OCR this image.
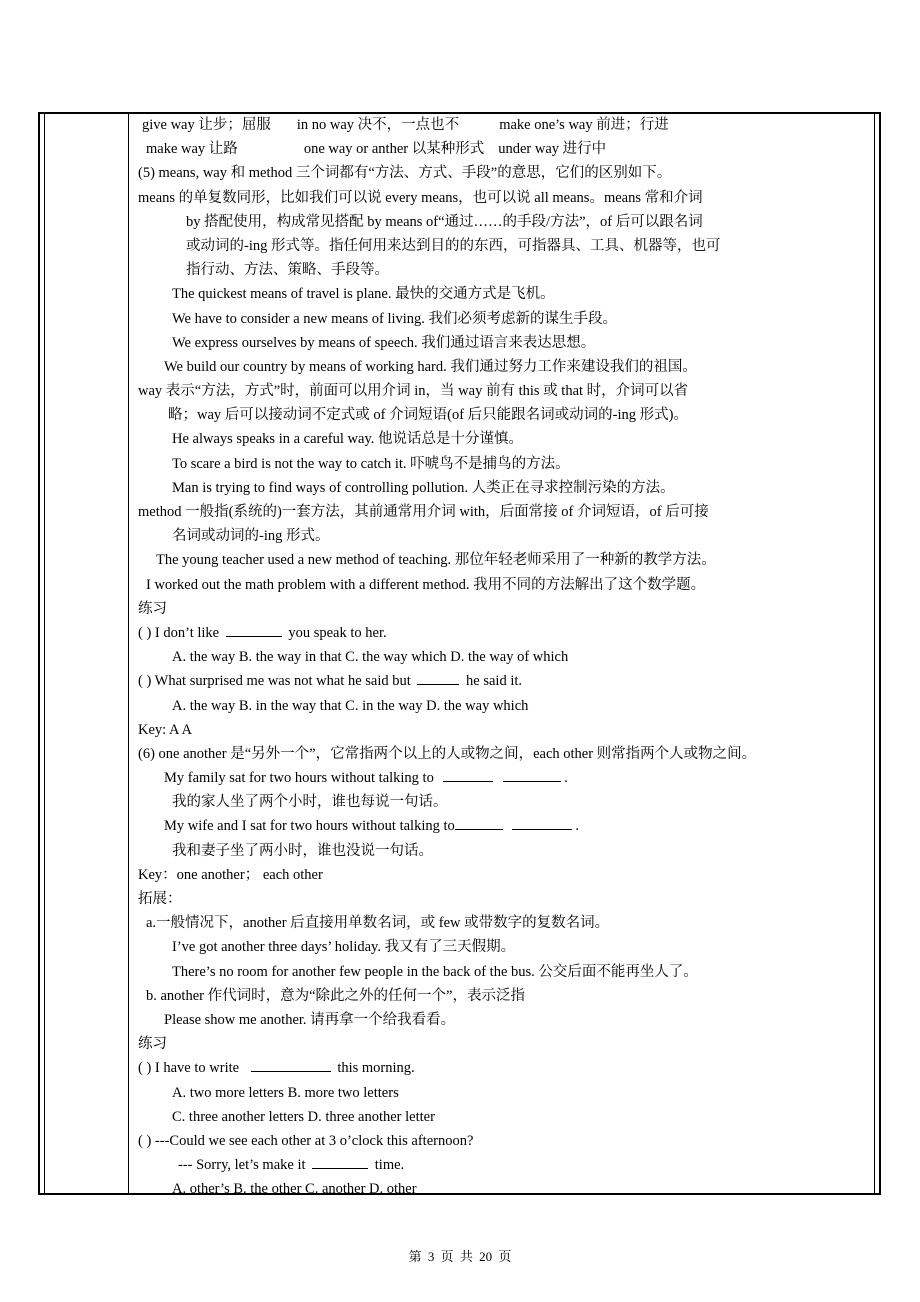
give way 让步；屈服 in no way 决不，一点也不	make one’s way 前进；行进
make way 让路	one way or anther 以某种形式 under way 进行中
(5) means, way 和 method 三个词都有“方法、方式、手段”的意思，它们的区别如下。
means 的单复数同形，比如我们可以说 every means，也可以说 all means。means 常和介词
by 搭配使用，构成常见搭配 by means of“通过……的手段/方法”，of 后可以跟名词
或动词的-ing 形式等。指任何用来达到目的的东西，可指器具、工具、机器等，也可
指行动、方法、策略、手段等。
The quickest means of travel is plane. 最快的交通方式是飞机。
We have to consider a new means of living. 我们必须考虑新的谋生手段。
We express ourselves by means of speech. 我们通过语言来表达思想。
We build our country by means of working hard. 我们通过努力工作来建设我们的祖国。
way 表示“方法，方式”时，前面可以用介词 in，当 way 前有 this 或 that 时，介词可以省
略；way 后可以接动词不定式或 of 介词短语(of 后只能跟名词或动词的-ing 形式)。
He always speaks in a careful way. 他说话总是十分谨慎。
To scare a bird is not the way to catch it. 吓唬鸟不是捕鸟的方法。
Man is trying to find ways of controlling pollution. 人类正在寻求控制污染的方法。
method 一般指(系统的)一套方法，其前通常用介词 with，后面常接 of 介词短语，of 后可接
名词或动词的-ing 形式。
The young teacher used a new method of teaching. 那位年轻老师采用了一种新的教学方法。
I worked out the math problem with a different method. 我用不同的方法解出了这个数学题。
练习
( ) I don’t like	you speak to her.
A. the way B. the way in that C. the way which D. the way of which
( ) What surprised me was not what he said but	he said it.
A. the way B. in the way that C. in the way D. the way which
Key: A A
(6) one another 是“另外一个”，它常指两个以上的人或物之间，each other 则常指两个人或物之间。
My family sat for two hours without talking to	.
我的家人坐了两个小时，谁也每说一句话。
My wife and I sat for two hours without talking to	.
我和妻子坐了两小时，谁也没说一句话。
Key：one another； each other
拓展：
a.一般情况下，another 后直接用单数名词，或 few 或带数字的复数名词。
I’ve got another three days’ holiday. 我又有了三天假期。
There’s no room for another few people in the back of the bus. 公交后面不能再坐人了。
b. another 作代词时，意为“除此之外的任何一个”，表示泛指
Please show me another. 请再拿一个给我看看。
练习
( ) I have to write	this morning.
A. two more letters B. more two letters
C. three another letters D. three another letter
( ) ---Could we see each other at 3 o’clock this afternoon?
--- Sorry, let’s make it	time.
A. other’s B. the other C. another D. other
第 3 页 共 20 页
